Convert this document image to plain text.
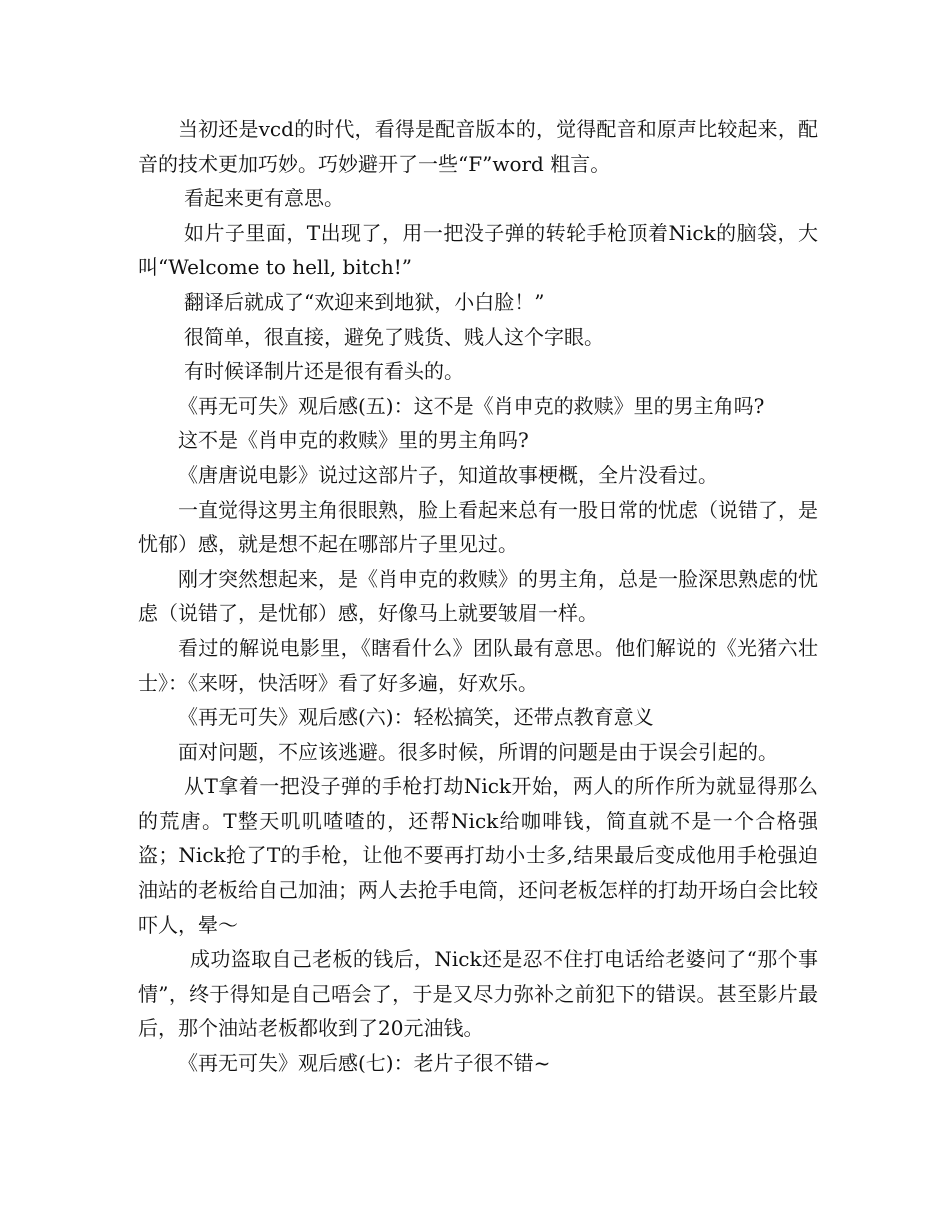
当初还是vcd的时代，看得是配音版本的，觉得配音和原声比较起来，配音的技术更加巧妙。巧妙避开了一些“F”word 粗言。

看起来更有意思。

如片子里面，T出现了，用一把没子弹的转轮手枪顶着Nick的脑袋，大叫“Welcome to hell, bitch!”

翻译后就成了“欢迎来到地狱，小白脸！”

很简单，很直接，避免了贱货、贱人这个字眼。

有时候译制片还是很有看头的。

《再无可失》观后感(五)：这不是《肖申克的救赎》里的男主角吗?

这不是《肖申克的救赎》里的男主角吗?

《唐唐说电影》说过这部片子，知道故事梗概，全片没看过。

一直觉得这男主角很眼熟，脸上看起来总有一股日常的忧虑（说错了，是忧郁）感，就是想不起在哪部片子里见过。

刚才突然想起来，是《肖申克的救赎》的男主角，总是一脸深思熟虑的忧虑（说错了，是忧郁）感，好像马上就要皱眉一样。

看过的解说电影里，《瞎看什么》团队最有意思。他们解说的《光猪六壮士》：《来呀，快活呀》看了好多遍，好欢乐。

《再无可失》观后感(六)：轻松搞笑，还带点教育意义

面对问题，不应该逃避。很多时候，所谓的问题是由于误会引起的。

从T拿着一把没子弹的手枪打劫Nick开始，两人的所作所为就显得那么的荒唐。T整天叽叽喳喳的，还帮Nick给咖啡钱，简直就不是一个合格强盗；Nick抢了T的手枪，让他不要再打劫小士多,结果最后变成他用手枪强迫油站的老板给自己加油；两人去抢手电筒，还问老板怎样的打劫开场白会比较吓人，晕～

成功盗取自己老板的钱后，Nick还是忍不住打电话给老婆问了“那个事情”，终于得知是自己唔会了，于是又尽力弥补之前犯下的错误。甚至影片最后，那个油站老板都收到了20元油钱。

《再无可失》观后感(七)：老片子很不错~
